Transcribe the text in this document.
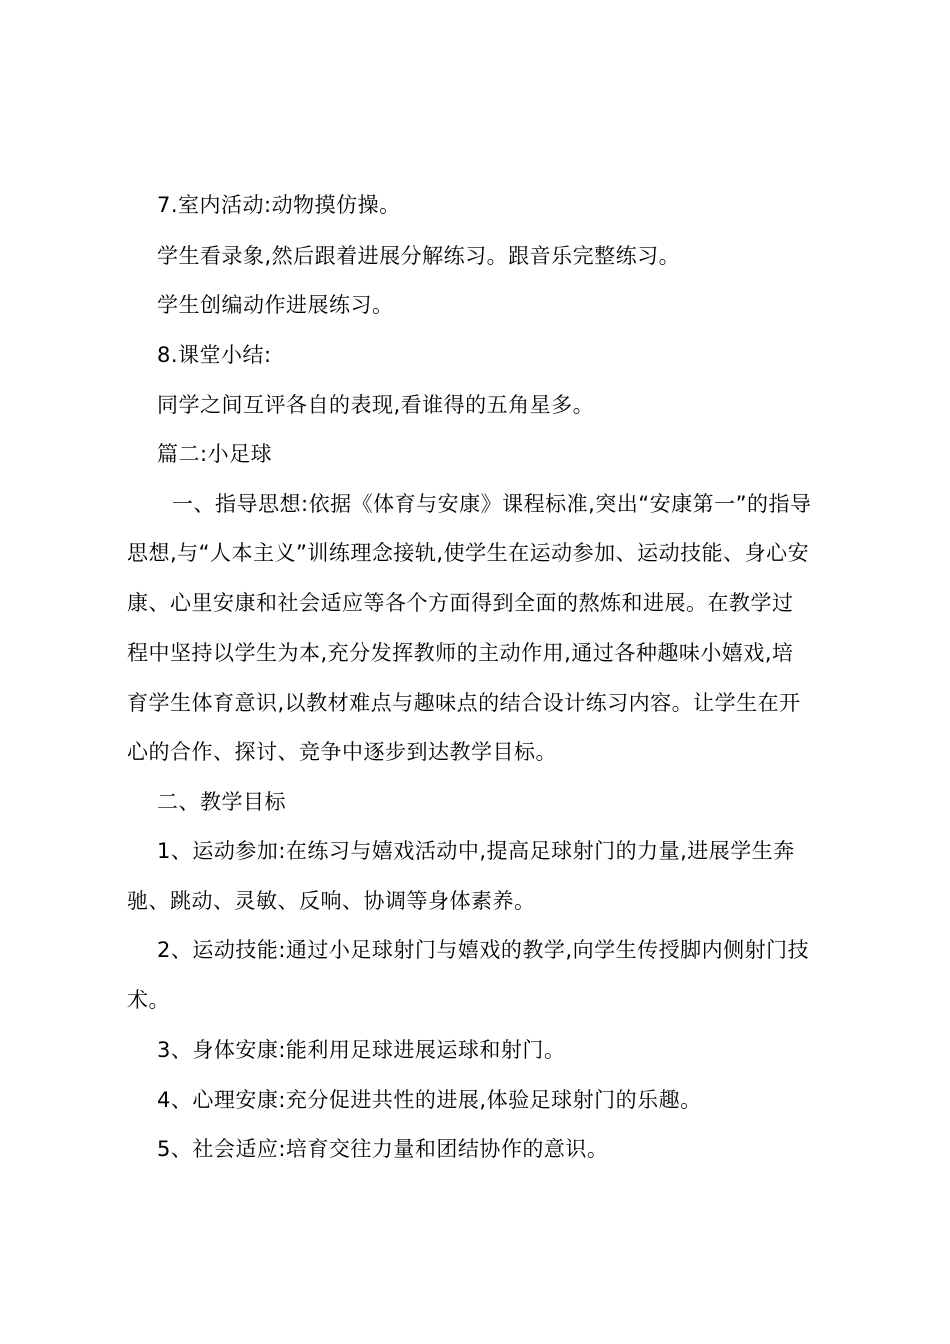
7.室内活动:动物摸仿操。
学生看录象,然后跟着进展分解练习。跟音乐完整练习。
学生创编动作进展练习。
8.课堂小结:
同学之间互评各自的表现,看谁得的五角星多。
篇二:小足球
一、指导思想:依据《体育与安康》课程标准,突出“安康第一”的指导
思想,与“人本主义”训练理念接轨,使学生在运动参加、运动技能、身心安
康、心里安康和社会适应等各个方面得到全面的熬炼和进展。在教学过
程中坚持以学生为本,充分发挥教师的主动作用,通过各种趣味小嬉戏,培
育学生体育意识,以教材难点与趣味点的结合设计练习内容。让学生在开
心的合作、探讨、竞争中逐步到达教学目标。
二、教学目标
1、运动参加:在练习与嬉戏活动中,提高足球射门的力量,进展学生奔
驰、跳动、灵敏、反响、协调等身体素养。
2、运动技能:通过小足球射门与嬉戏的教学,向学生传授脚内侧射门技
术。
3、身体安康:能利用足球进展运球和射门。
4、心理安康:充分促进共性的进展,体验足球射门的乐趣。
5、社会适应:培育交往力量和团结协作的意识。
